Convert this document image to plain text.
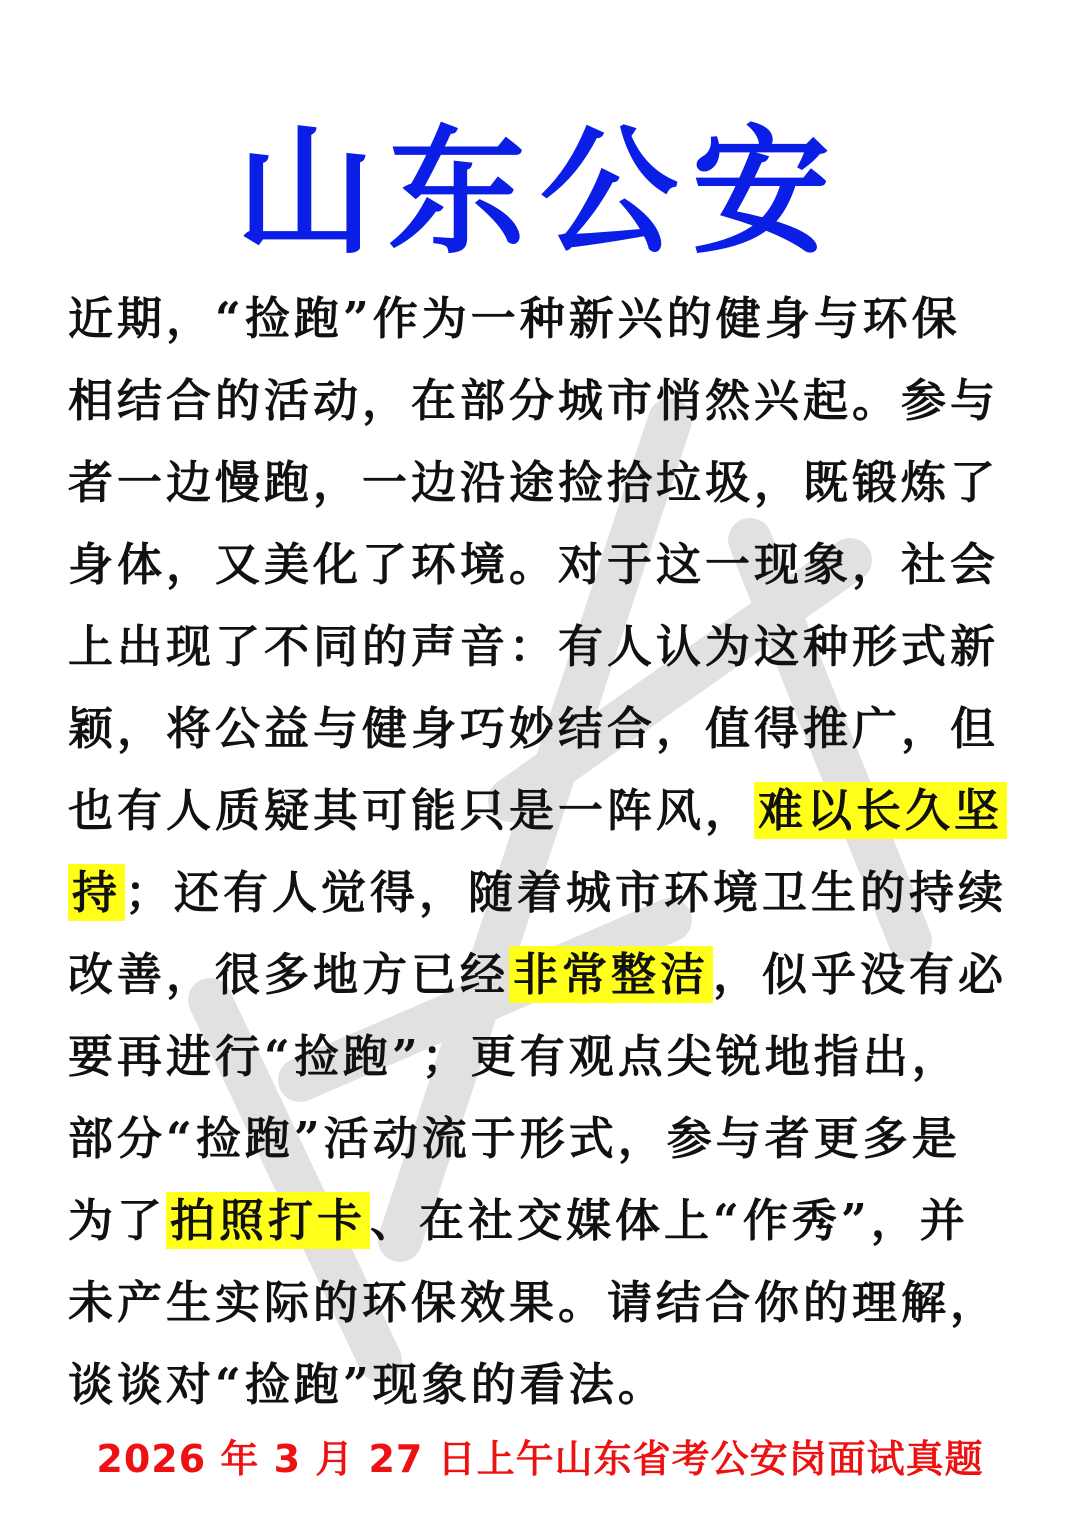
山东公安
近期，“捡跑”作为一种新兴的健身与环保
相结合的活动，在部分城市悄然兴起。参与
者一边慢跑，一边沿途捡拾垃圾，既锻炼了
身体，又美化了环境。对于这一现象，社会
上出现了不同的声音：有人认为这种形式新
颖，将公益与健身巧妙结合，值得推广，但
也有人质疑其可能只是一阵风，难以长久坚
持；还有人觉得，随着城市环境卫生的持续
改善，很多地方已经非常整洁，似乎没有必
要再进行“捡跑”；更有观点尖锐地指出，
部分“捡跑”活动流于形式，参与者更多是
为了拍照打卡、在社交媒体上“作秀”，并
未产生实际的环保效果。请结合你的理解，
谈谈对“捡跑”现象的看法。
2026 年 3 月 27 日上午山东省考公安岗面试真题
